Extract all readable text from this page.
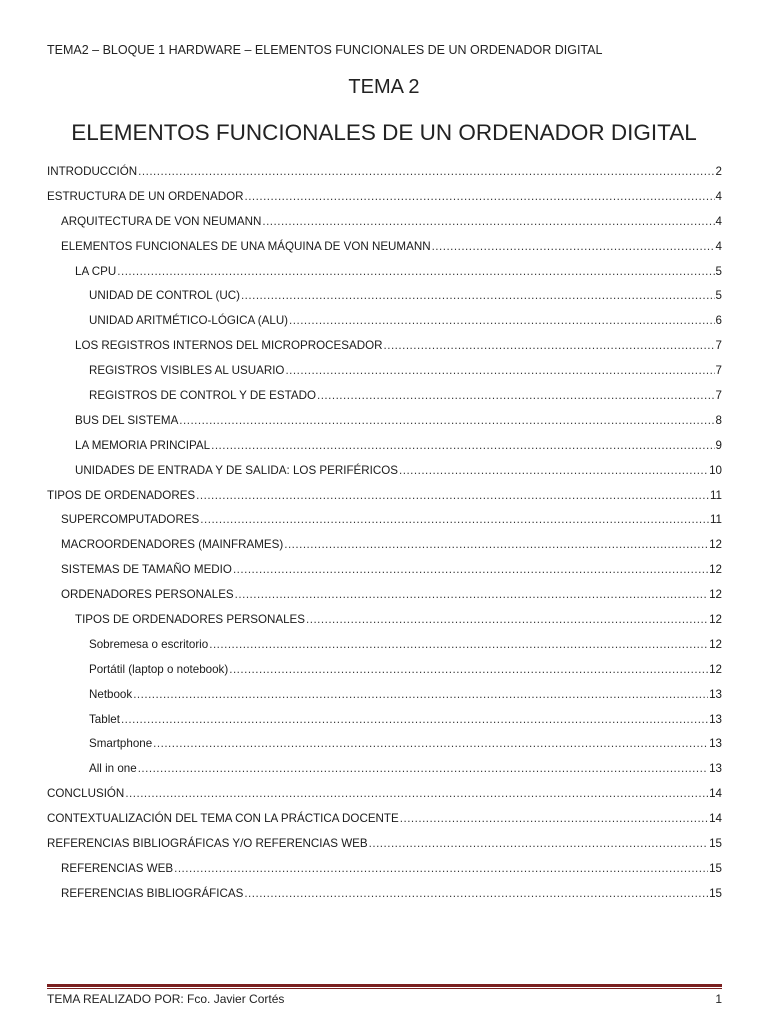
TEMA2 – BLOQUE 1 HARDWARE – ELEMENTOS FUNCIONALES DE UN ORDENADOR DIGITAL
TEMA 2
ELEMENTOS FUNCIONALES DE UN ORDENADOR DIGITAL
INTRODUCCIÓN .....	2
ESTRUCTURA DE UN ORDENADOR .....	4
ARQUITECTURA DE VON NEUMANN .....	4
ELEMENTOS FUNCIONALES DE UNA MÁQUINA DE VON NEUMANN .....	4
LA CPU .....	5
UNIDAD DE CONTROL (UC) .....	5
UNIDAD ARITMÉTICO-LÓGICA (ALU) .....	6
LOS REGISTROS INTERNOS DEL MICROPROCESADOR .....	7
REGISTROS VISIBLES AL USUARIO .....	7
REGISTROS DE CONTROL Y DE ESTADO .....	7
BUS DEL SISTEMA .....	8
LA MEMORIA PRINCIPAL .....	9
UNIDADES DE ENTRADA Y DE SALIDA: LOS PERIFÉRICOS .....	10
TIPOS DE ORDENADORES .....	11
SUPERCOMPUTADORES .....	11
MACROORDENADORES (MAINFRAMES) .....	12
SISTEMAS DE TAMAÑO MEDIO .....	12
ORDENADORES PERSONALES .....	12
TIPOS DE ORDENADORES PERSONALES .....	12
Sobremesa o escritorio .....	12
Portátil (laptop o notebook) .....	12
Netbook .....	13
Tablet .....	13
Smartphone .....	13
All in one .....	13
CONCLUSIÓN .....	14
CONTEXTUALIZACIÓN DEL TEMA CON LA PRÁCTICA DOCENTE .....	14
REFERENCIAS BIBLIOGRÁFICAS Y/O REFERENCIAS WEB .....	15
REFERENCIAS WEB .....	15
REFERENCIAS BIBLIOGRÁFICAS .....	15
TEMA REALIZADO POR: Fco. Javier Cortés	1
